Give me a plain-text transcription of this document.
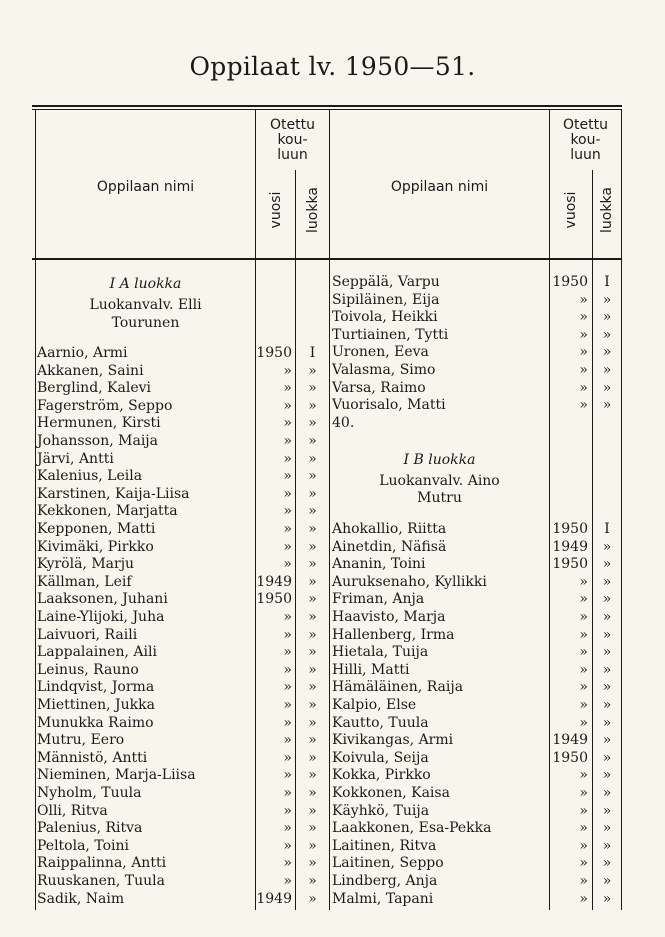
Oppilaat lv. 1950—51.
Oppilaan nimi
Otettu
kou-
luun
vuosi luokka
Oppilaan nimi
Otettu
kou-
luun
vuosi luokka
I A luokka
Luokanvalv. Elli
Tourunen
Aarnio, Armi	1950	I
Akkanen, Saini	»	»
Berglind, Kalevi	»	»
Fagerström, Seppo	»	»
Hermunen, Kirsti	»	»
Johansson, Maija	»	»
Järvi, Antti	»	»
Kalenius, Leila	»	»
Karstinen, Kaija-Liisa	»	»
Kekkonen, Marjatta	»	»
Kepponen, Matti	»	»
Kivimäki, Pirkko	»	»
Kyrölä, Marju	»	»
Källman, Leif	1949	»
Laaksonen, Juhani	1950	»
Laine-Ylijoki, Juha	»	»
Laivuori, Raili	»	»
Lappalainen, Aili	»	»
Leinus, Rauno	»	»
Lindqvist, Jorma	»	»
Miettinen, Jukka	»	»
Munukka Raimo	»	»
Mutru, Eero	»	»
Männistö, Antti	»	»
Nieminen, Marja-Liisa	»	»
Nyholm, Tuula	»	»
Olli, Ritva	»	»
Palenius, Ritva	»	»
Peltola, Toini	»	»
Raippalinna, Antti	»	»
Ruuskanen, Tuula	»	»
Sadik, Naim	1949	»
Seppälä, Varpu	1950	I
Sipiläinen, Eija	»	»
Toivola, Heikki	»	»
Turtiainen, Tytti	»	»
Uronen, Eeva	»	»
Valasma, Simo	»	»
Varsa, Raimo	»	»
Vuorisalo, Matti	»	»
40.
I B luokka
Luokanvalv. Aino
Mutru
Ahokallio, Riitta	1950	I
Ainetdin, Näfisä	1949	»
Ananin, Toini	1950	»
Auruksenaho, Kyllikki	»	»
Friman, Anja	»	»
Haavisto, Marja	»	»
Hallenberg, Irma	»	»
Hietala, Tuija	»	»
Hilli, Matti	»	»
Hämäläinen, Raija	»	»
Kalpio, Else	»	»
Kautto, Tuula	»	»
Kivikangas, Armi	1949	»
Koivula, Seija	1950	»
Kokka, Pirkko	»	»
Kokkonen, Kaisa	»	»
Käyhkö, Tuija	»	»
Laakkonen, Esa-Pekka	»	»
Laitinen, Ritva	»	»
Laitinen, Seppo	»	»
Lindberg, Anja	»	»
Malmi, Tapani	»	»
